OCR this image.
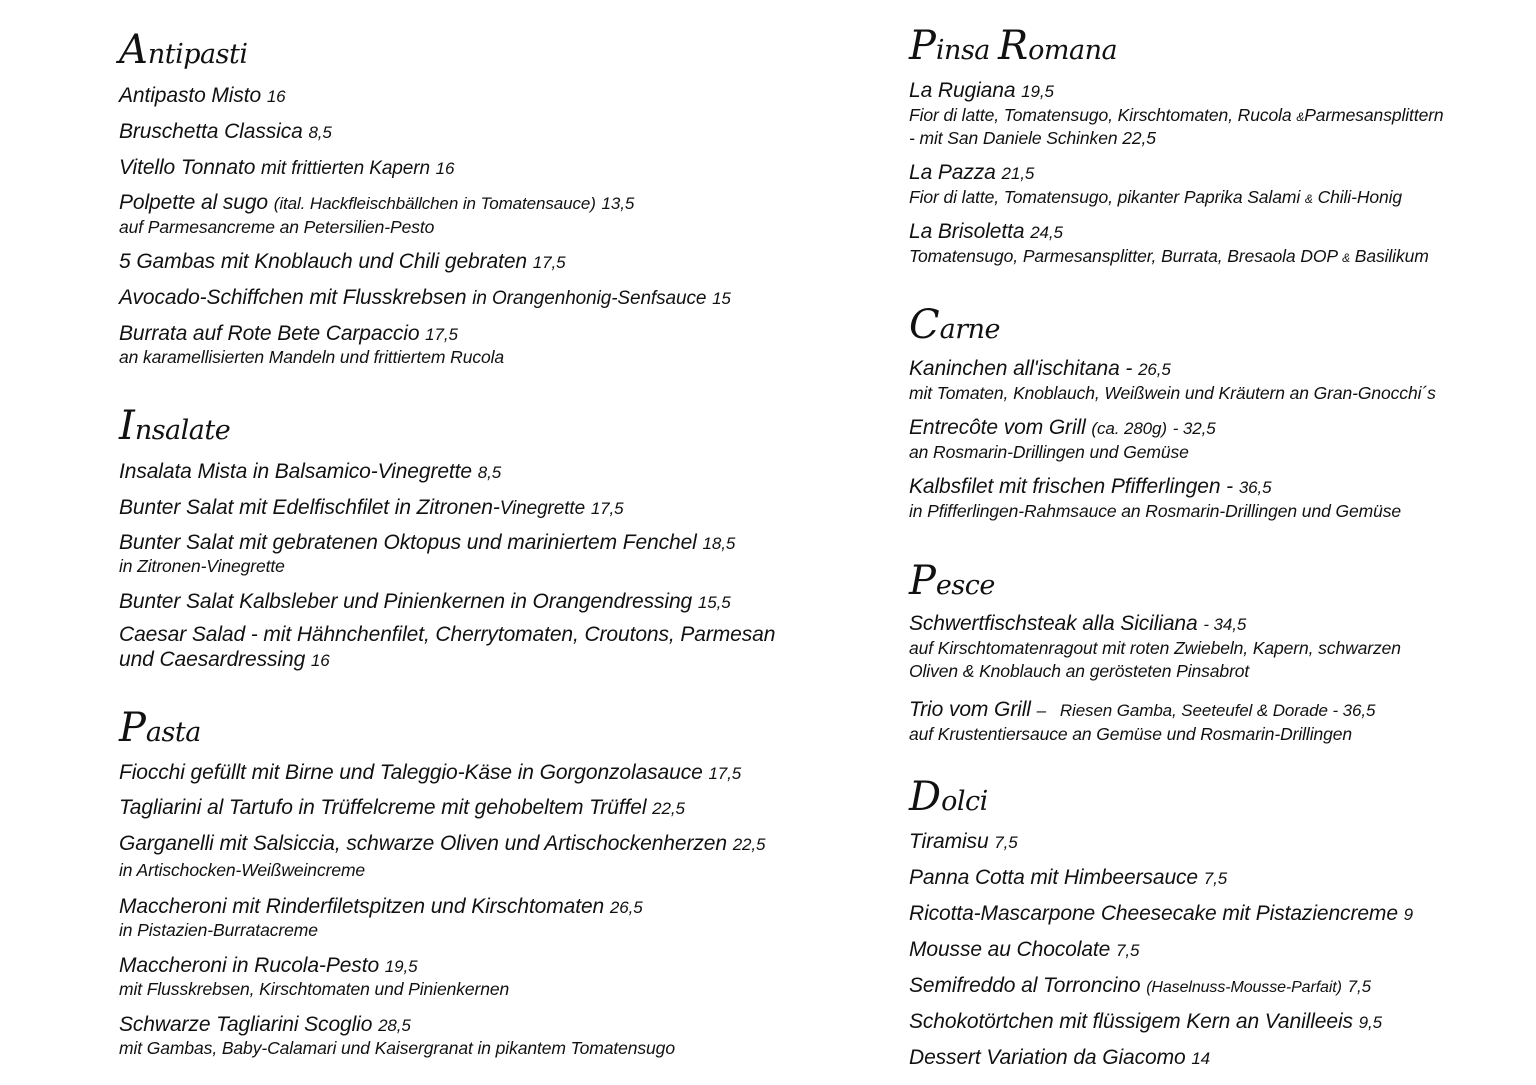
Antipasti
Antipasto Misto 16
Bruschetta Classica 8,5
Vitello Tonnato mit frittierten Kapern 16
Polpette al sugo (ital. Hackfleischbällchen in Tomatensauce) 13,5
auf Parmesancreme an Petersilien-Pesto
5 Gambas mit Knoblauch und Chili gebraten 17,5
Avocado-Schiffchen mit Flusskrebsen in Orangenhonig-Senfsauce 15
Burrata auf Rote Bete Carpaccio 17,5
an karamellisierten Mandeln und frittiertem Rucola
Insalate
Insalata Mista in Balsamico-Vinegrette 8,5
Bunter Salat mit Edelfischfilet in Zitronen-Vinegrette 17,5
Bunter Salat mit gebratenen Oktopus und mariniertem Fenchel 18,5
in Zitronen-Vinegrette
Bunter Salat Kalbsleber und Pinienkernen in Orangendressing 15,5
Caesar Salad - mit Hähnchenfilet, Cherrytomaten, Croutons, Parmesan
und Caesardressing 16
Pasta
Fiocchi gefüllt mit Birne und Taleggio-Käse in Gorgonzolasauce 17,5
Tagliarini al Tartufo in Trüffelcreme mit gehobeltem Trüffel 22,5
Garganelli mit Salsiccia, schwarze Oliven und Artischockenherzen 22,5
in Artischocken-Weißweincreme
Maccheroni mit Rinderfiletspitzen und Kirschtomaten 26,5
in Pistazien-Burratacreme
Maccheroni in Rucola-Pesto 19,5
mit Flusskrebsen, Kirschtomaten und Pinienkernen
Schwarze Tagliarini Scoglio 28,5
mit Gambas, Baby-Calamari und Kaisergranat in pikantem Tomatensugo
Pinsa Romana
La Rugiana 19,5
Fior di latte, Tomatensugo, Kirschtomaten, Rucola &Parmesansplittern
- mit San Daniele Schinken 22,5
La Pazza 21,5
Fior di latte, Tomatensugo, pikanter Paprika Salami & Chili-Honig
La Brisoletta 24,5
Tomatensugo, Parmesansplitter, Burrata, Bresaola DOP & Basilikum
Carne
Kaninchen all'ischitana - 26,5
mit Tomaten, Knoblauch, Weißwein und Kräutern an Gran-Gnocchi´s
Entrecôte vom Grill (ca. 280g) - 32,5
an Rosmarin-Drillingen und Gemüse
Kalbsfilet mit frischen Pfifferlingen - 36,5
in Pfifferlingen-Rahmsauce an Rosmarin-Drillingen und Gemüse
Pesce
Schwertfischsteak alla Siciliana - 34,5
auf Kirschtomatenragout mit roten Zwiebeln, Kapern, schwarzen
Oliven & Knoblauch an gerösteten Pinsabrot
Trio vom Grill –   Riesen Gamba, Seeteufel & Dorade - 36,5
auf Krustentiersauce an Gemüse und Rosmarin-Drillingen
Dolci
Tiramisu 7,5
Panna Cotta mit Himbeersauce 7,5
Ricotta-Mascarpone Cheesecake mit Pistaziencreme 9
Mousse au Chocolate 7,5
Semifreddo al Torroncino (Haselnuss-Mousse-Parfait) 7,5
Schokotörtchen mit flüssigem Kern an Vanilleeis 9,5
Dessert Variation da Giacomo 14
